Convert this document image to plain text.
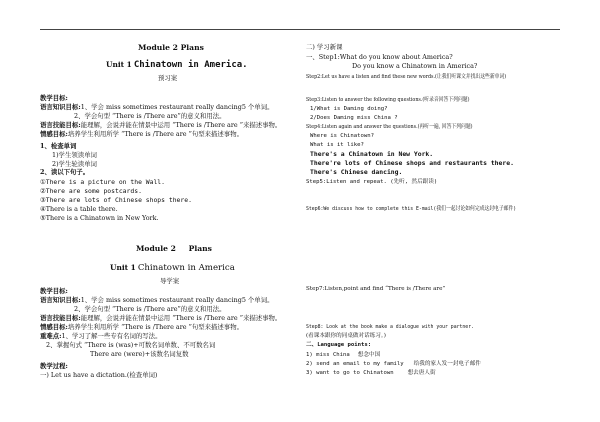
Module 2 Plans
Unit 1 Chinatown in America.
预习案
教学目标:
语言知识目标:1、学会 miss sometimes restaurant really dancing5 个单词。
2、学会句型 “There is /There are”的意义和用法。
语言技能目标:能理解，会说并能在情景中运用 “There is /There are ”来描述事物。
情感目标:培养学生利用所学 “There is /There are ”句型来描述事物。
1、检查单词
1)学生领读单词
2)学生轮读单词
2、读以下句子。
①There is a picture on the Wall.
②There are some postcards.
③There are lots of Chinese shops there.
④There is a table there.
⑤There is a Chinatown in New York.
Module 2 Plans
Unit 1 Chinatown in America
导学案
教学目标:
语言知识目标:1、学会 miss sometimes restaurant really dancing5 个单词。
2、学会句型 “There is /There are”的意义和用法。
语言技能目标:能理解，会说并能在情景中运用 “There is /There are ”来描述事物。
情感目标:培养学生利用所学 “There is /There are ”句型来描述事物。
重难点:1、学习了解一些专有名词的写法。
2、掌握句式 “There is (was)+可数名词单数、不可数名词
There are (were)+该数名词复数
教学过程:
一) Let us have a dictation.(检查单词)
二) 学习新课
一、Step1:What do you know about America?
Do you know a Chinatown in America?
Step2:Let us have a listen and find these new words.(让我们听课文并找出这些新单词)
Step3:Listen to answer the following questions.(听录音回答下列问题)
1/What is Daming doing?
2/Does Daming miss China ?
Step4:Listen again and answer the questions.(再听一遍, 回答下列问题)
Where is Chinatown?
What is it like?
There's a Chinatown in New York.
There're lots of Chinese shops and restaurants there.
There's Chinese dancing.
Step5:Listen and repeat. (先听, 然后跟读)
Step6:We discuss how to complete this E-mail(我们一起讨论如何完成这封电子邮件)
Step7:Listen,point and find “There is /There are”
Step8: Look at the book make a dialogue with your partner.
(看课本跟你的同桌做对话练习。)
二、Language points:
1) miss China 想念中国
2) send an email to my family 给我的家人发一封电子邮件
3) want to go to Chinatown	想去唐人街
